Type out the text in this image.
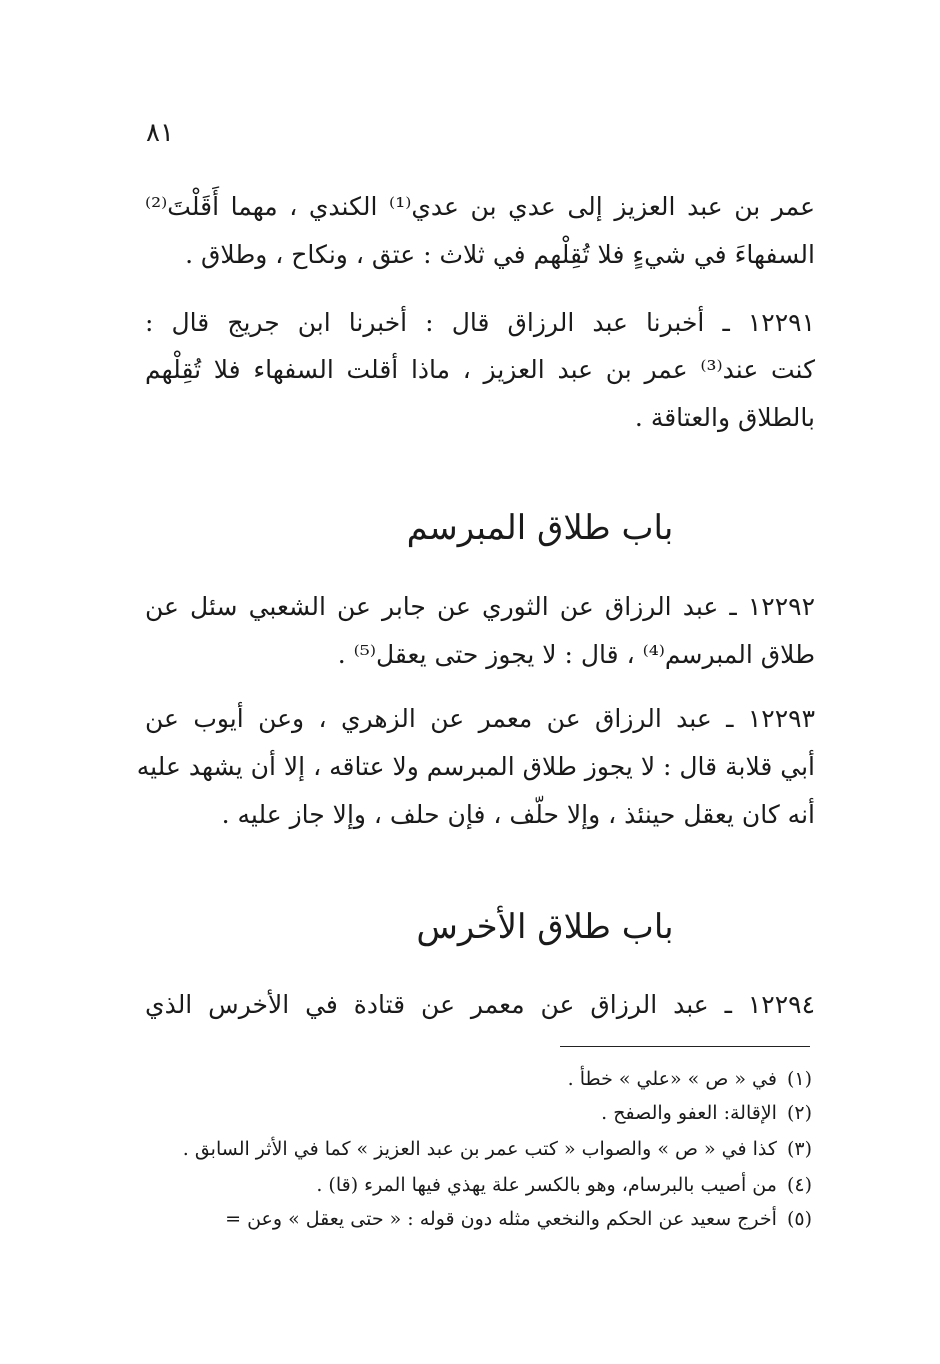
٨١
عمر بن عبد العزيز إلى عدي بن عدي⁽¹⁾ الكندي ، مهما أَقَلْتَ⁽²⁾
السفهاءَ في شيءٍ فلا تُقِلْهم في ثلاث : عتق ، ونكاح ، وطلاق .
١٢٢٩١ ـ أخبرنا عبد الرزاق قال : أخبرنا ابن جريج قال :
كنت عند⁽³⁾ عمر بن عبد العزيز ، ماذا أقلت السفهاء فلا تُقِلْهم
بالطلاق والعتاقة .
باب طلاق المبرسم
١٢٢٩٢ ـ عبد الرزاق عن الثوري عن جابر عن الشعبي سئل عن
طلاق المبرسم⁽⁴⁾ ، قال : لا يجوز حتى يعقل⁽⁵⁾ .
١٢٢٩٣ ـ عبد الرزاق عن معمر عن الزهري ، وعن أيوب عن
أبي قلابة قال : لا يجوز طلاق المبرسم ولا عتاقه ، إلا أن يشهد عليه
أنه كان يعقل حينئذ ، وإلا حلّف ، فإن حلف ، وإلا جاز عليه .
باب طلاق الأخرس
١٢٢٩٤ ـ عبد الرزاق عن معمر عن قتادة في الأخرس الذي
(١)في « ص » «علي » خطأ .
(٢)الإقالة: العفو والصفح .
(٣)كذا في « ص » والصواب « كتب عمر بن عبد العزيز » كما في الأثر السابق .
(٤)من أصيب بالبرسام، وهو بالكسر علة يهذي فيها المرء (قا) .
(٥)أخرج سعيد عن الحكم والنخعي مثله دون قوله : « حتى يعقل » وعن =
